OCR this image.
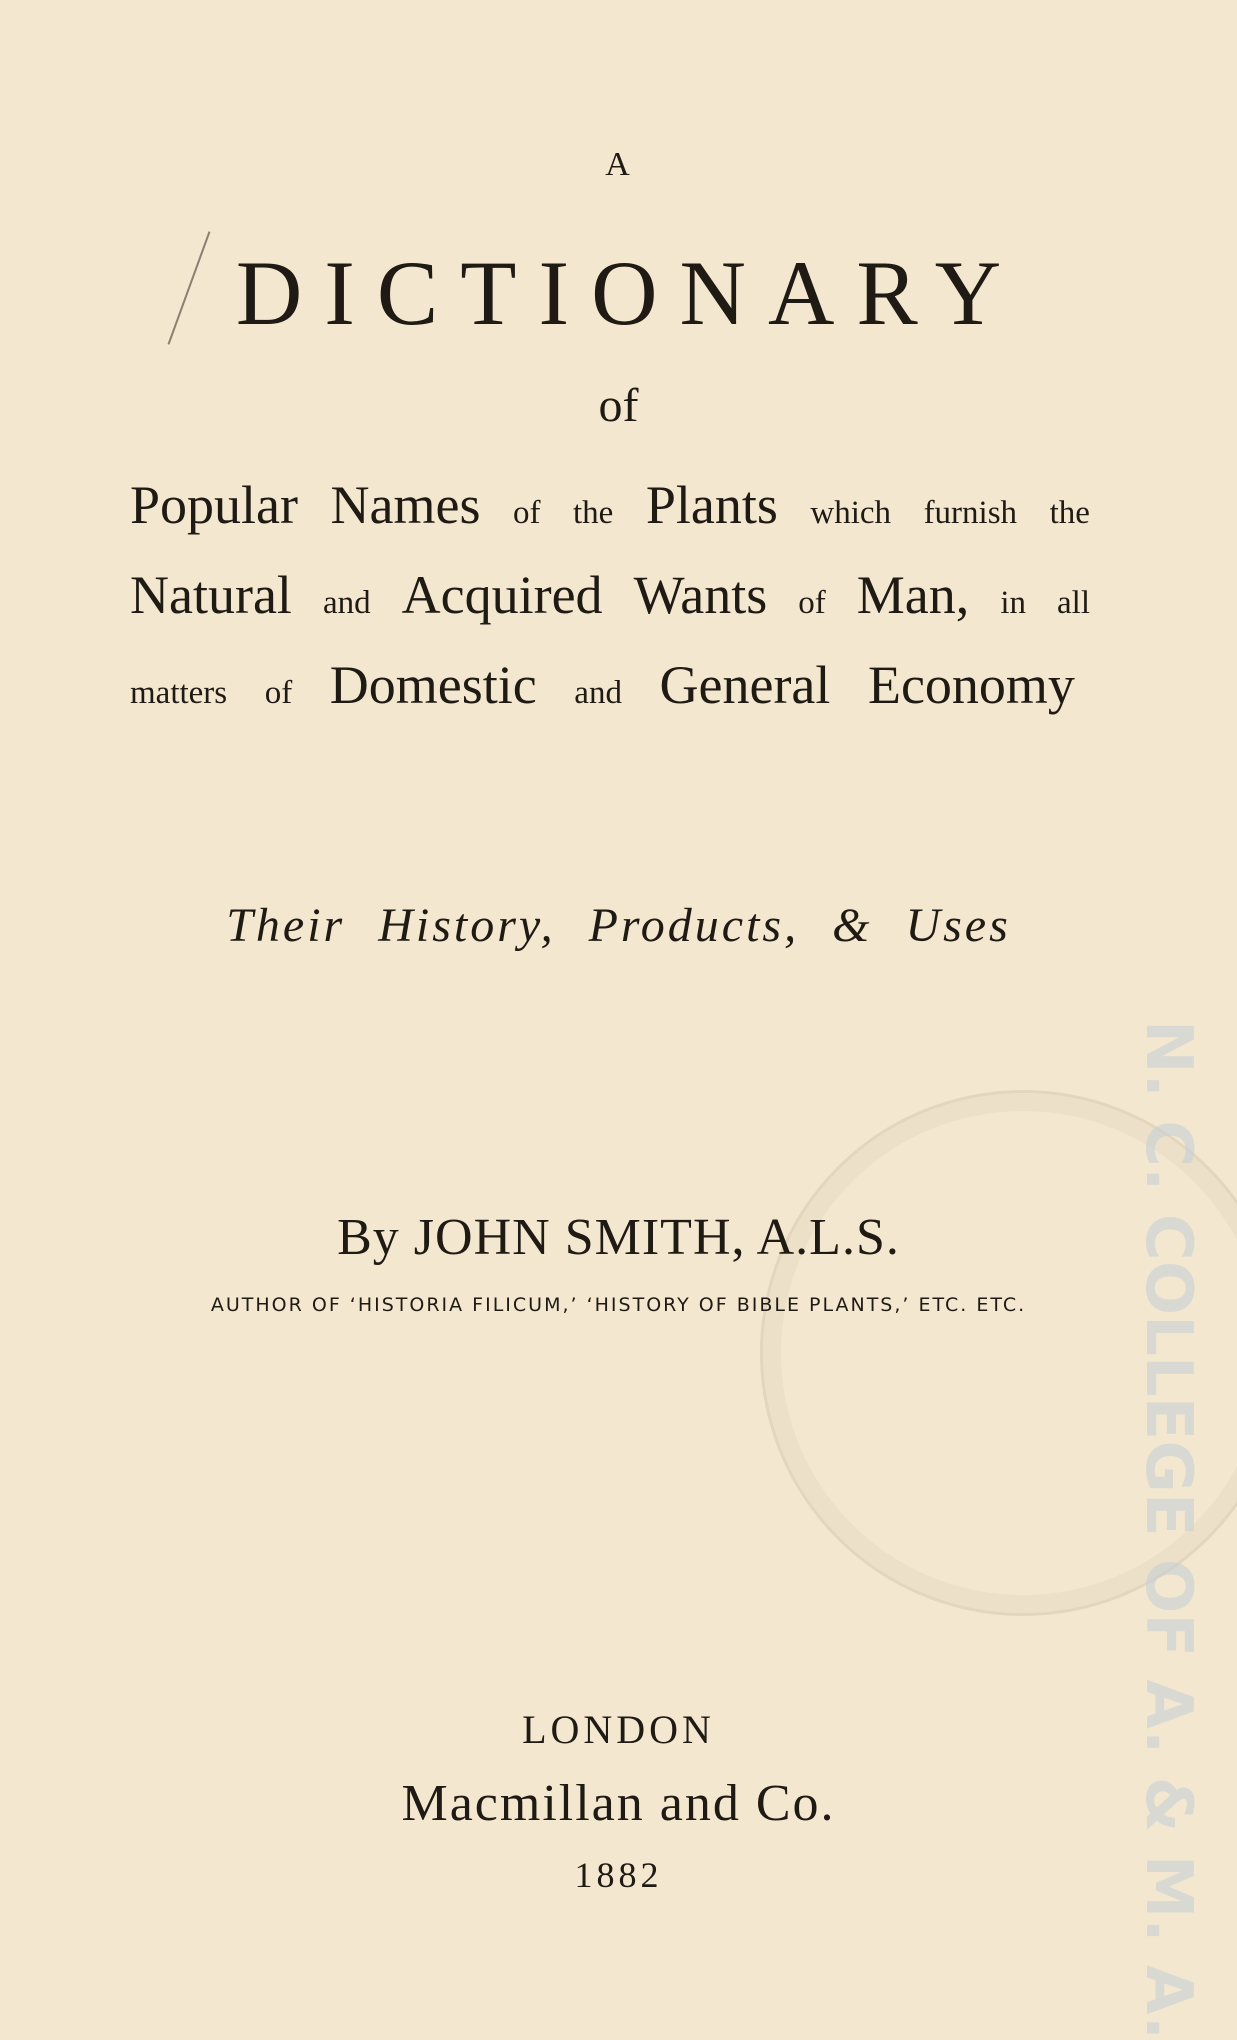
N. C. COLLEGE OF A. & M. A.
A
DICTIONARY
of
Popular Names of the Plants which furnish the
Natural and Acquired Wants of Man, in all
matters of Domestic and General Economy
Their History, Products, & Uses
By JOHN SMITH, A.L.S.
AUTHOR OF ‘HISTORIA FILICUM,’ ‘HISTORY OF BIBLE PLANTS,’ ETC. ETC.
LONDON
Macmillan and Co.
1882
